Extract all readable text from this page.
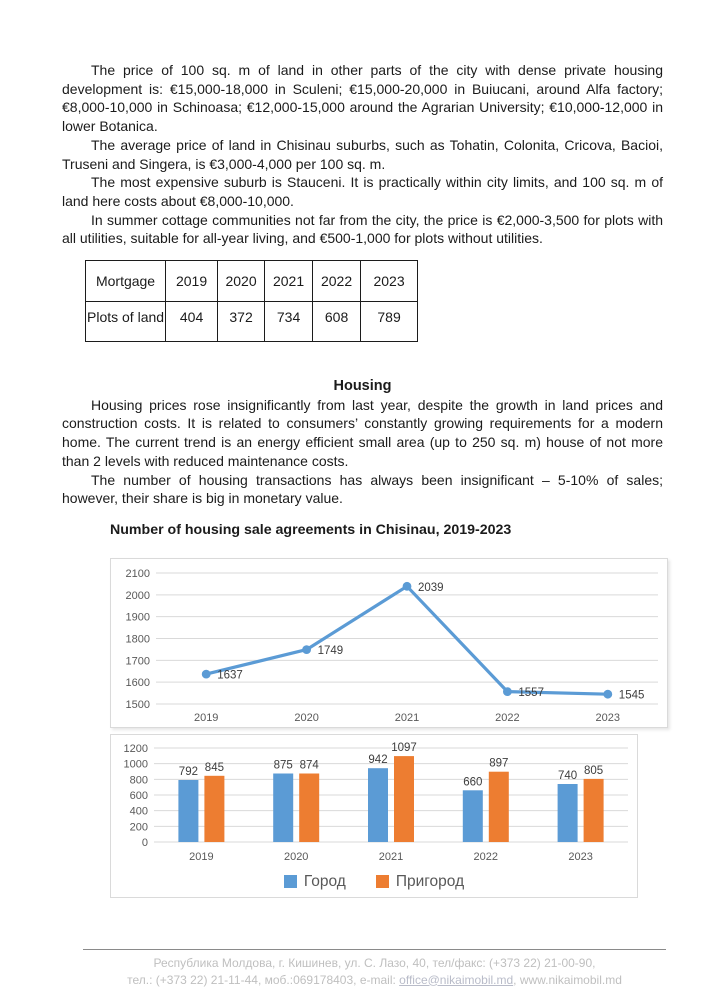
The price of 100 sq. m of land in other parts of the city with dense private housing development is: €15,000-18,000 in Sculeni; €15,000-20,000 in Buiucani, around Alfa factory; €8,000-10,000 in Schinoasa; €12,000-15,000 around the Agrarian University; €10,000-12,000 in lower Botanica.

The average price of land in Chisinau suburbs, such as Tohatin, Colonita, Cricova, Bacioi, Truseni and Singera, is €3,000-4,000 per 100 sq. m.

The most expensive suburb is Stauceni. It is practically within city limits, and 100 sq. m of land here costs about €8,000-10,000.

In summer cottage communities not far from the city, the price is €2,000-3,500 for plots with all utilities, suitable for all-year living, and €500-1,000 for plots without utilities.

Mortgage	2019	2020	2021	2022	2023
Plots of land	404	372	734	608	789
Housing

Housing prices rose insignificantly from last year, despite the growth in land prices and construction costs. It is related to consumers’ constantly growing requirements for a modern home. The current trend is an energy efficient small area (up to 250 sq. m) house of not more than 2 levels with reduced maintenance costs.

The number of housing transactions has always been insignificant – 5-10% of sales; however, their share is big in monetary value.

Number of housing sale agreements in Chisinau, 2019-2023
2100
2000
1900
1800
1700
1600
1500
2019	2020	2021	2022	2023
1637
1749
2039
1557	1545
1200
1000
800
600
400
200
0
2019	2020	2021	2022	2023
792
875	942
660
740
845	874
1097
897
805
Город	Пригород
Республика Молдова, г. Кишинев, ул. С. Лазо, 40, тел/факс: (+373 22) 21-00-90,
тел.: (+373 22) 21-11-44, моб.:069178403, e-mail: office@nikaimobil.md, www.nikaimobil.md
